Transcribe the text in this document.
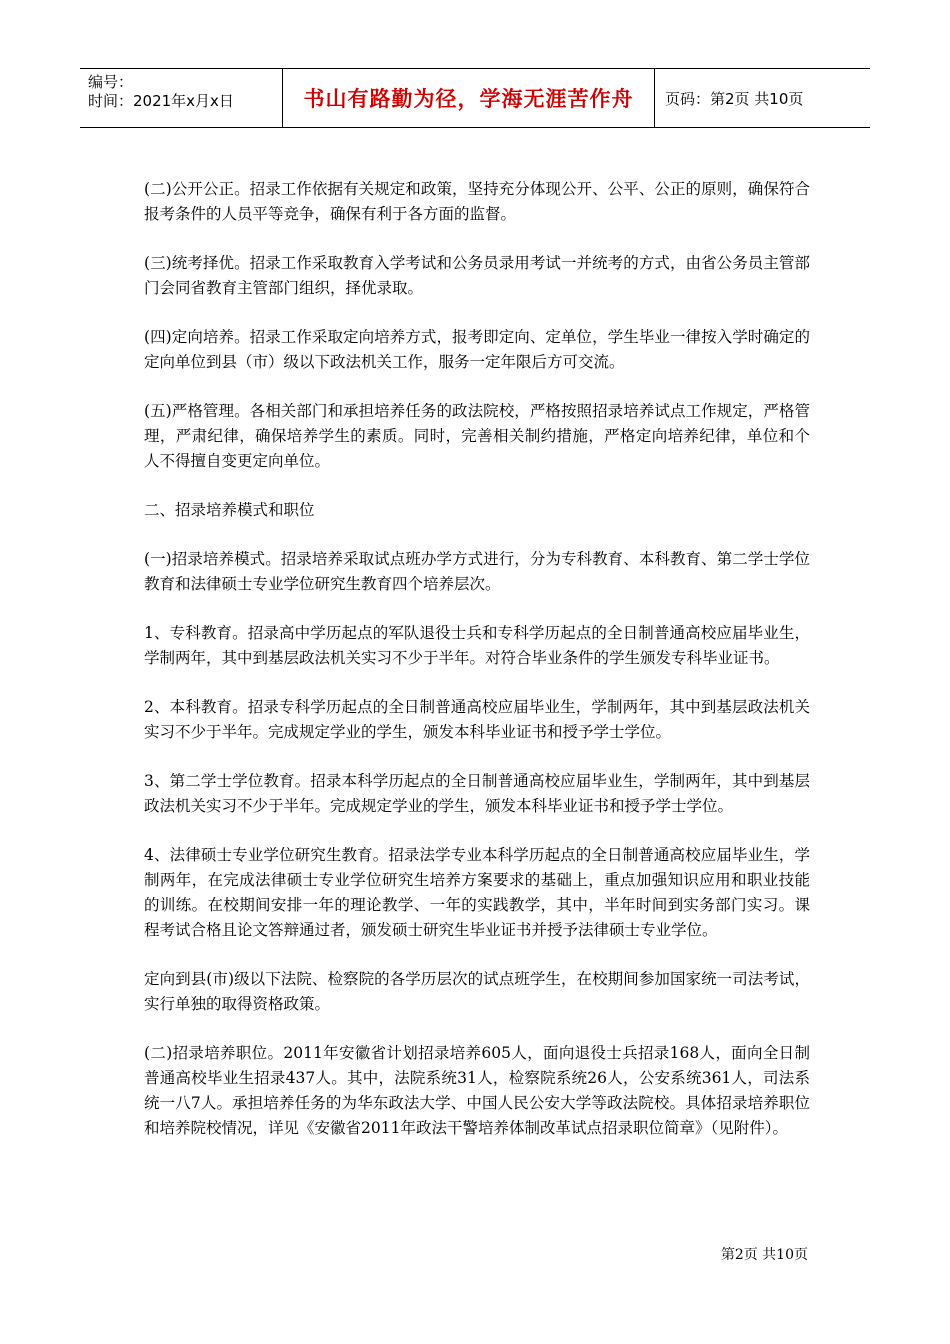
编号：
时间：2021年x月x日	书山有路勤为径，学海无涯苦作舟 页码：第2页 共10页

(二)公开公正。招录工作依据有关规定和政策，坚持充分体现公开、公平、公正的原则，确保符合报考条件的人员平等竞争，确保有利于各方面的监督。

(三)统考择优。招录工作采取教育入学考试和公务员录用考试一并统考的方式，由省公务员主管部门会同省教育主管部门组织，择优录取。

(四)定向培养。招录工作采取定向培养方式，报考即定向、定单位，学生毕业一律按入学时确定的定向单位到县（市）级以下政法机关工作，服务一定年限后方可交流。

(五)严格管理。各相关部门和承担培养任务的政法院校，严格按照招录培养试点工作规定，严格管理，严肃纪律，确保培养学生的素质。同时，完善相关制约措施，严格定向培养纪律，单位和个人不得擅自变更定向单位。

二、招录培养模式和职位

(一)招录培养模式。招录培养采取试点班办学方式进行，分为专科教育、本科教育、第二学士学位教育和法律硕士专业学位研究生教育四个培养层次。

1、专科教育。招录高中学历起点的军队退役士兵和专科学历起点的全日制普通高校应届毕业生，学制两年，其中到基层政法机关实习不少于半年。对符合毕业条件的学生颁发专科毕业证书。

2、本科教育。招录专科学历起点的全日制普通高校应届毕业生，学制两年，其中到基层政法机关实习不少于半年。完成规定学业的学生，颁发本科毕业证书和授予学士学位。

3、第二学士学位教育。招录本科学历起点的全日制普通高校应届毕业生，学制两年，其中到基层政法机关实习不少于半年。完成规定学业的学生，颁发本科毕业证书和授予学士学位。

4、法律硕士专业学位研究生教育。招录法学专业本科学历起点的全日制普通高校应届毕业生，学制两年，在完成法律硕士专业学位研究生培养方案要求的基础上，重点加强知识应用和职业技能的训练。在校期间安排一年的理论教学、一年的实践教学，其中，半年时间到实务部门实习。课程考试合格且论文答辩通过者，颁发硕士研究生毕业证书并授予法律硕士专业学位。

定向到县(市)级以下法院、检察院的各学历层次的试点班学生，在校期间参加国家统一司法考试，实行单独的取得资格政策。

(二)招录培养职位。2011年安徽省计划招录培养605人，面向退役士兵招录168人，面向全日制普通高校毕业生招录437人。其中，法院系统31人，检察院系统26人，公安系统361人，司法系统一八7人。承担培养任务的为华东政法大学、中国人民公安大学等政法院校。具体招录培养职位和培养院校情况，详见《安徽省2011年政法干警培养体制改革试点招录职位简章》（见附件）。

第2页 共10页
